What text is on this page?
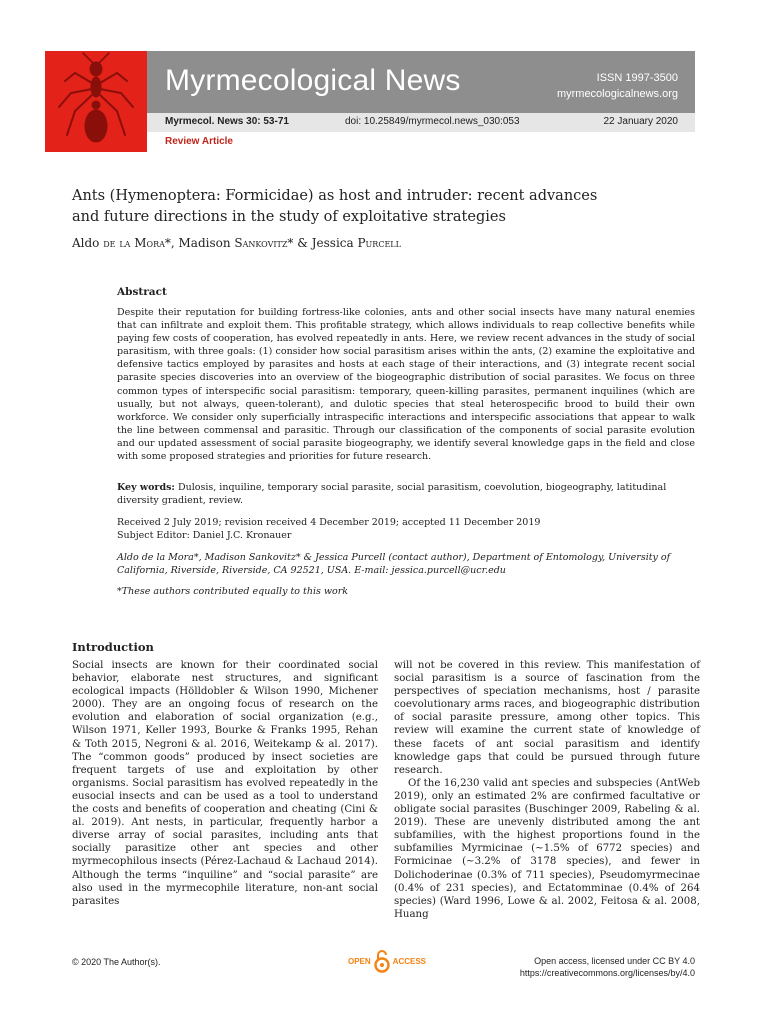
Myrmecological News	ISSN 1997-3500
myrmecologicalnews.org
Myrmecol. News 30: 53-71	doi: 10.25849/myrmecol.news_030:053	22 January 2020
Review Article
Ants (Hymenoptera: Formicidae) as host and intruder: recent advances
and future directions in the study of exploitative strategies
Aldo de la Mora*, Madison Sankovitz* & Jessica Purcell
Abstract
Despite their reputation for building fortress-like colonies, ants and other social insects have many natural enemies that can infiltrate and exploit them. This profitable strategy, which allows individuals to reap collective benefits while paying few costs of cooperation, has evolved repeatedly in ants. Here, we review recent advances in the study of social parasitism, with three goals: (1) consider how social parasitism arises within the ants, (2) examine the exploitative and defensive tactics employed by parasites and hosts at each stage of their interactions, and (3) integrate recent social parasite species discoveries into an overview of the biogeographic distribution of social parasites. We focus on three common types of interspecific social parasitism: temporary, queen-killing parasites, permanent inquilines (which are usually, but not always, queen-tolerant), and dulotic species that steal heterospecific brood to build their own workforce. We consider only superficially intraspecific interactions and interspecific associations that appear to walk the line between commensal and parasitic. Through our classification of the components of social parasite evolution and our updated assessment of social parasite biogeography, we identify several knowledge gaps in the field and close with some proposed strategies and priorities for future research.
Key words: Dulosis, inquiline, temporary social parasite, social parasitism, coevolution, biogeography, latitudinal diversity gradient, review.
Received 2 July 2019; revision received 4 December 2019; accepted 11 December 2019
Subject Editor: Daniel J.C. Kronauer
Aldo de la Mora*, Madison Sankovitz* & Jessica Purcell (contact author), Department of Entomology, University of California, Riverside, Riverside, CA 92521, USA. E-mail: jessica.purcell@ucr.edu
*These authors contributed equally to this work
Introduction

Social insects are known for their coordinated social behavior, elaborate nest structures, and significant ecological impacts (Hölldobler & Wilson 1990, Michener 2000). They are an ongoing focus of research on the evolution and elaboration of social organization (e.g., Wilson 1971, Keller 1993, Bourke & Franks 1995, Rehan & Toth 2015, Negroni & al. 2016, Weitekamp & al. 2017). The “common goods” produced by insect societies are frequent targets of use and exploitation by other organisms. Social parasitism has evolved repeatedly in the eusocial insects and can be used as a tool to understand the costs and benefits of cooperation and cheating (Cini & al. 2019). Ant nests, in particular, frequently harbor a diverse array of social parasites, including ants that socially parasitize other ant species and other myrmecophilous insects (Pérez-Lachaud & Lachaud 2014). Although the terms “inquiline” and “social parasite” are also used in the myrmecophile literature, non-ant social parasites

will not be covered in this review. This manifestation of social parasitism is a source of fascination from the perspectives of speciation mechanisms, host / parasite coevolutionary arms races, and biogeographic distribution of social parasite pressure, among other topics. This review will examine the current state of knowledge of these facets of ant social parasitism and identify knowledge gaps that could be pursued through future research.

Of the 16,230 valid ant species and subspecies (AntWeb 2019), only an estimated 2% are confirmed facultative or obligate social parasites (Buschinger 2009, Rabeling & al. 2019). These are unevenly distributed among the ant subfamilies, with the highest proportions found in the subfamilies Myrmicinae (~1.5% of 6772 species) and Formicinae (~3.2% of 3178 species), and fewer in Dolichoderinae (0.3% of 711 species), Pseudomyrmecinae (0.4% of 231 species), and Ectatomminae (0.4% of 264 species) (Ward 1996, Lowe & al. 2002, Feitosa & al. 2008, Huang

© 2020 The Author(s).	OPEN	ACCESS	Open access, licensed under CC BY 4.0
https://creativecommons.org/licenses/by/4.0
